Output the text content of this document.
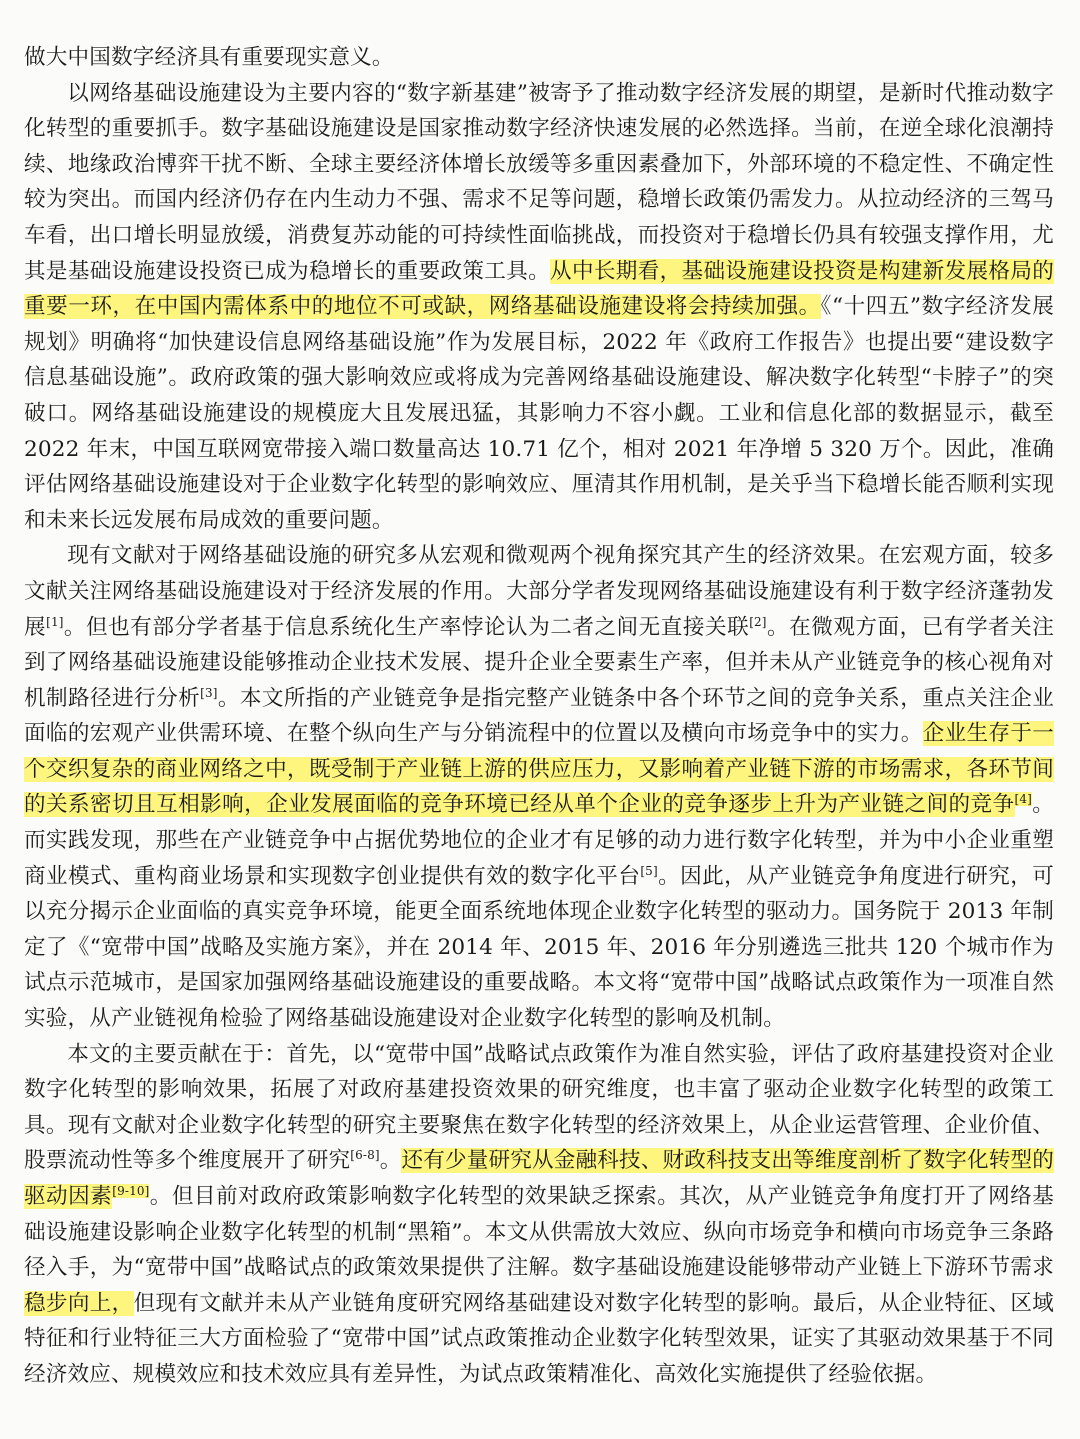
做大中国数字经济具有重要现实意义。

以网络基础设施建设为主要内容的“数字新基建”被寄予了推动数字经济发展的期望，是新时代推动数字化转型的重要抓手。数字基础设施建设是国家推动数字经济快速发展的必然选择。当前，在逆全球化浪潮持续、地缘政治博弈干扰不断、全球主要经济体增长放缓等多重因素叠加下，外部环境的不稳定性、不确定性较为突出。而国内经济仍存在内生动力不强、需求不足等问题，稳增长政策仍需发力。从拉动经济的三驾马车看，出口增长明显放缓，消费复苏动能的可持续性面临挑战，而投资对于稳增长仍具有较强支撑作用，尤其是基础设施建设投资已成为稳增长的重要政策工具。从中长期看，基础设施建设投资是构建新发展格局的重要一环，在中国内需体系中的地位不可或缺，网络基础设施建设将会持续加强。《“十四五”数字经济发展规划》明确将“加快建设信息网络基础设施”作为发展目标，2022 年《政府工作报告》也提出要“建设数字信息基础设施”。政府政策的强大影响效应或将成为完善网络基础设施建设、解决数字化转型“卡脖子”的突破口。网络基础设施建设的规模庞大且发展迅猛，其影响力不容小觑。工业和信息化部的数据显示，截至 2022 年末，中国互联网宽带接入端口数量高达 10.71 亿个，相对 2021 年净增 5 320 万个。因此，准确评估网络基础设施建设对于企业数字化转型的影响效应、厘清其作用机制，是关乎当下稳增长能否顺利实现和未来长远发展布局成效的重要问题。

现有文献对于网络基础设施的研究多从宏观和微观两个视角探究其产生的经济效果。在宏观方面，较多文献关注网络基础设施建设对于经济发展的作用。大部分学者发现网络基础设施建设有利于数字经济蓬勃发展[1]。但也有部分学者基于信息系统化生产率悖论认为二者之间无直接关联[2]。在微观方面，已有学者关注到了网络基础设施建设能够推动企业技术发展、提升企业全要素生产率，但并未从产业链竞争的核心视角对机制路径进行分析[3]。本文所指的产业链竞争是指完整产业链条中各个环节之间的竞争关系，重点关注企业面临的宏观产业供需环境、在整个纵向生产与分销流程中的位置以及横向市场竞争中的实力。企业生存于一个交织复杂的商业网络之中，既受制于产业链上游的供应压力，又影响着产业链下游的市场需求，各环节间的关系密切且互相影响，企业发展面临的竞争环境已经从单个企业的竞争逐步上升为产业链之间的竞争[4]。而实践发现，那些在产业链竞争中占据优势地位的企业才有足够的动力进行数字化转型，并为中小企业重塑商业模式、重构商业场景和实现数字创业提供有效的数字化平台[5]。因此，从产业链竞争角度进行研究，可以充分揭示企业面临的真实竞争环境，能更全面系统地体现企业数字化转型的驱动力。国务院于 2013 年制定了《“宽带中国”战略及实施方案》，并在 2014 年、2015 年、2016 年分别遴选三批共 120 个城市作为试点示范城市，是国家加强网络基础设施建设的重要战略。本文将“宽带中国”战略试点政策作为一项准自然实验，从产业链视角检验了网络基础设施建设对企业数字化转型的影响及机制。

本文的主要贡献在于：首先，以“宽带中国”战略试点政策作为准自然实验，评估了政府基建投资对企业数字化转型的影响效果，拓展了对政府基建投资效果的研究维度，也丰富了驱动企业数字化转型的政策工具。现有文献对企业数字化转型的研究主要聚焦在数字化转型的经济效果上，从企业运营管理、企业价值、股票流动性等多个维度展开了研究[6-8]。还有少量研究从金融科技、财政科技支出等维度剖析了数字化转型的驱动因素[9-10]。但目前对政府政策影响数字化转型的效果缺乏探索。其次，从产业链竞争角度打开了网络基础设施建设影响企业数字化转型的机制“黑箱”。本文从供需放大效应、纵向市场竞争和横向市场竞争三条路径入手，为“宽带中国”战略试点的政策效果提供了注解。数字基础设施建设能够带动产业链上下游环节需求稳步向上，但现有文献并未从产业链角度研究网络基础建设对数字化转型的影响。最后，从企业特征、区域特征和行业特征三大方面检验了“宽带中国”试点政策推动企业数字化转型效果，证实了其驱动效果基于不同经济效应、规模效应和技术效应具有差异性，为试点政策精准化、高效化实施提供了经验依据。
